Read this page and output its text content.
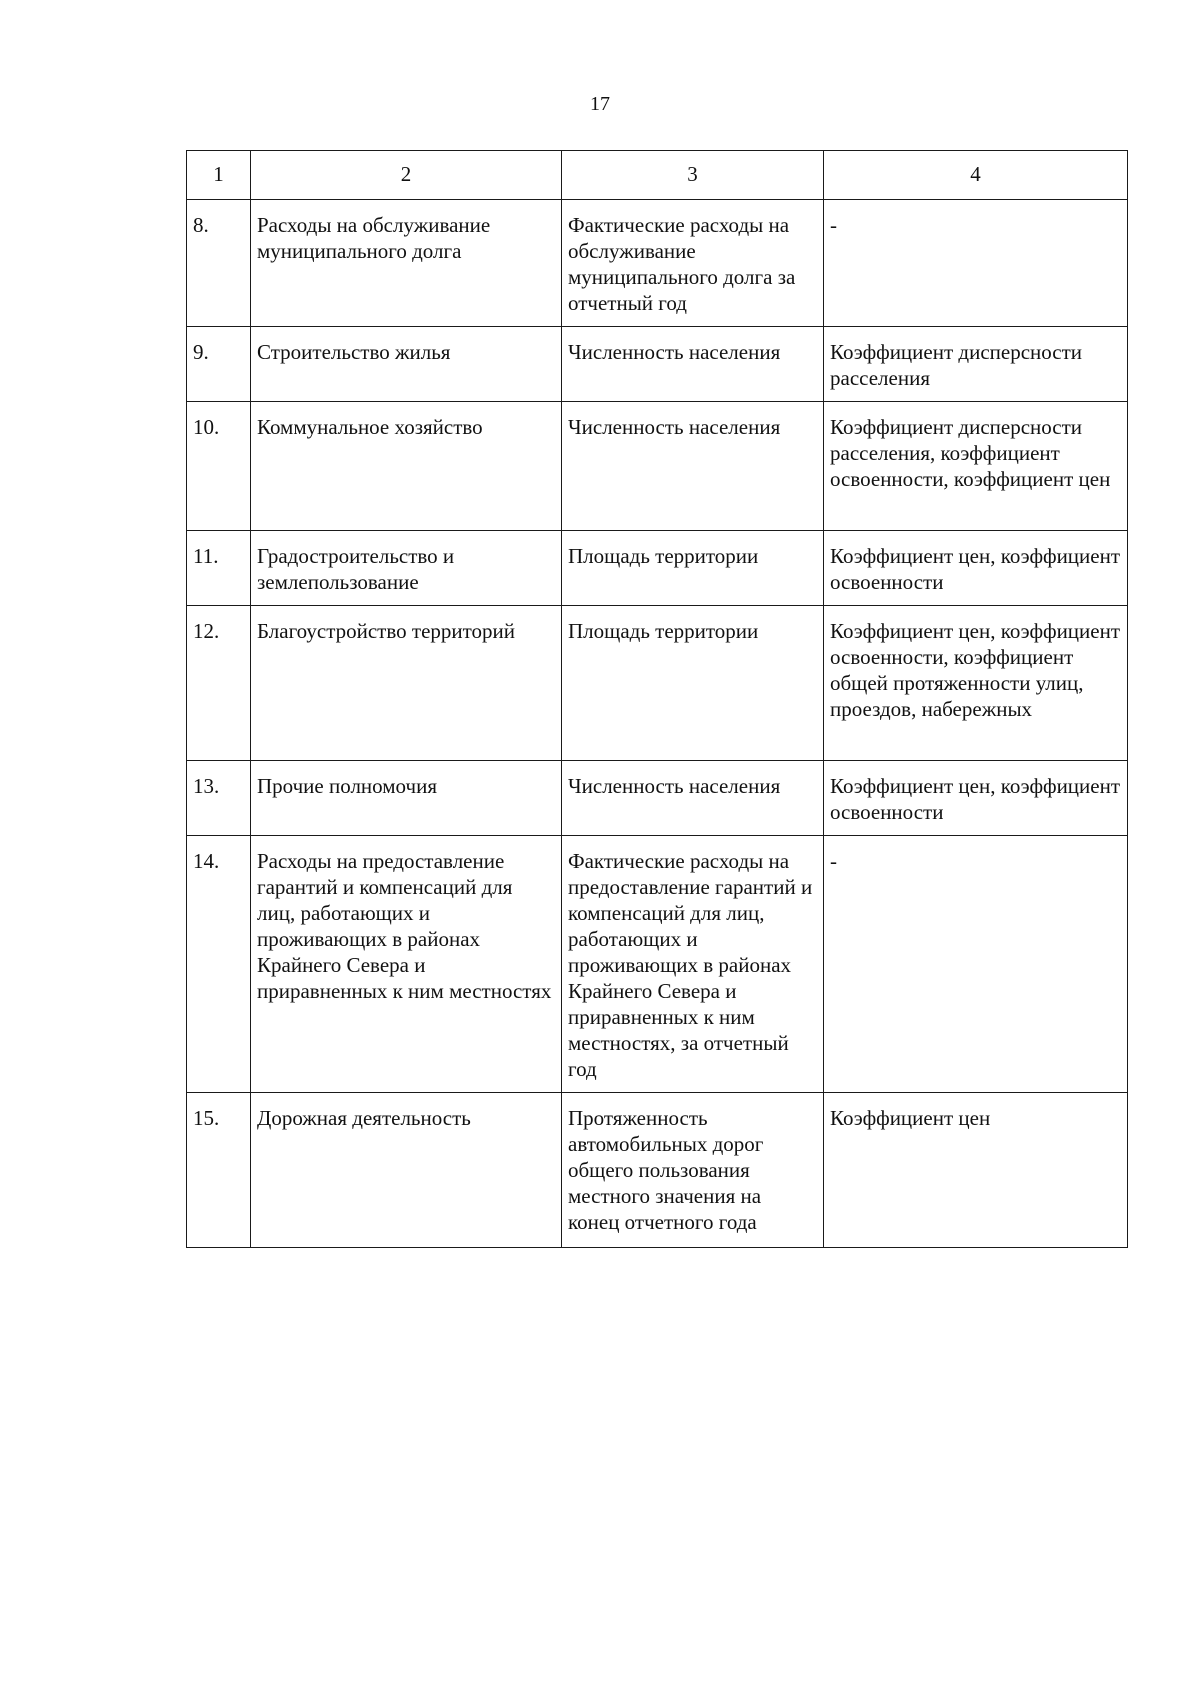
17
1	2	3	4
8.	Расходы на обслуживание муниципального долга	Фактические расходы на обслуживание муниципального долга за отчетный год	-
9.	Строительство жилья	Численность населения	Коэффициент дисперсности расселения
10.	Коммунальное хозяйство	Численность населения	Коэффициент дисперсности расселения, коэффициент освоенности, коэффициент цен
11.	Градостроительство и землепользование	Площадь территории	Коэффициент цен, коэффициент освоенности
12.	Благоустройство территорий	Площадь территории	Коэффициент цен, коэффициент освоенности, коэффициент общей протяженности улиц, проездов, набережных
13.	Прочие полномочия	Численность населения	Коэффициент цен, коэффициент освоенности
14.	Расходы на предоставление гарантий и компенсаций для лиц, работающих и проживающих в районах Крайнего Севера и приравненных к ним местностях	Фактические расходы на предоставление гарантий и компенсаций для лиц, работающих и проживающих в районах Крайнего Севера и приравненных к ним местностях, за отчетный год	-
15.	Дорожная деятельность	Протяженность автомобильных дорог общего пользования местного значения на конец отчетного года	Коэффициент цен
